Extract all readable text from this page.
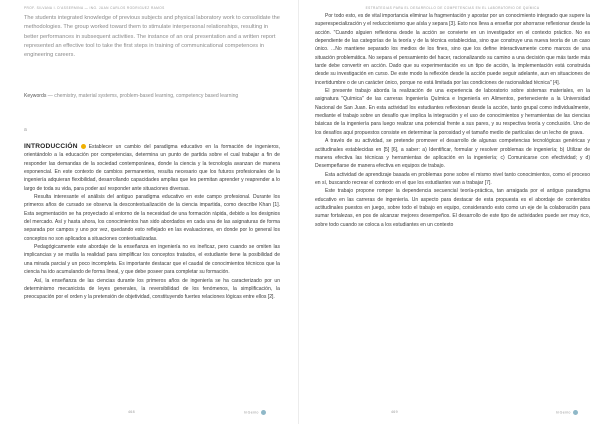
PROF. SILVANA I. D'ASSERMINA — ING. JUAN CARLOS RODRIGUEZ RAMOS
The students integrated knowledge of previous subjects and physical laboratory work to consolidate the methodologies. The group worked toward them to stimulate interpersonal relationships, resulting in better performances in subsequent activities. The instance of an oral presentation and a written report represented an effective tool to take the first steps in training of communicational competences in engineering careers.
Keywords — chemistry, material systems, problem-based learning, competency based learning
a

INTRODUCCIÓN Establecer un cambio del paradigma educativo en la formación de ingenieros, orientándolo a la educación por competencias, determina un punto de partida sobre el cual trabajar a fin de responder las demandas de la sociedad contemporánea, donde la ciencia y la tecnología avanzan de manera exponencial. En este contexto de cambios permanentes, resulta necesario que los futuros profesionales de la ingeniería adquieran flexibilidad, desarrollando capacidades amplias que les permitan aprender y reaprender a lo largo de toda su vida, para poder así responder ante situaciones diversas.

Resulta interesante el análisis del antiguo paradigma educativo en este campo profesional. Durante los primeros años de cursado se observa la descontextualización de la ciencia impartida, como describe Khan [1]. Esta segmentación se ha proyectado al entorno de la necesidad de una formación rápida, debido a los designios del mercado. Así y hasta ahora, los conocimientos han sido abordados en cada una de las asignaturas de forma separada por campos y uno por vez, quedando esto reflejado en las evaluaciones, en donde por lo general los conceptos no son aplicados a situaciones contextualizadas.

Pedagógicamente este abordaje de la enseñanza en ingeniería no es ineficaz, pero cuando se omiten las implicancias y se mutila la realidad para simplificar los conceptos tratados, el estudiante tiene la posibilidad de una mirada parcial y un poco incompleta. Es importante destacar que el caudal de conocimientos técnicos que la ciencia ha ido acumulando de forma lineal, y que debe poseer para completar su formación.

Así, la enseñanza de las ciencias durante los primeros años de ingeniería se ha caracterizado por un determinismo mecanicista de leyes generales, la reversibilidad de los fenómenos, la simplificación, la preocupación por el orden y la pretensión de objetividad, constituyendo fuertes relaciones lógicas entre ellos [2].

468	InGenio
ESTRATEGIAS PARA EL DESARROLLO DE COMPETENCIAS EN EL LABORATORIO DE QUÍMICA

Por todo esto, es de vital importancia eliminar la fragmentación y apostar por un conocimiento integrado que supere la superespecialización y el reduccionismo que aísla y separa [3]. Esto nos lleva a enseñar por ahorrarse reflexionar desde la acción. "Cuando alguien reflexiona desde la acción se convierte en un investigador en el contexto práctico. No es dependiente de las categorías de la teoría y de la técnica establecidas, sino que construye una nueva teoría de un caso único. ...No mantiene separado los medios de los fines, sino que los define interactivamente como marcos de una situación problemática. No separa el pensamiento del hacer, racionalizando su camino a una decisión que más tarde más tarde debe convertir en acción. Dado que su experimentación es un tipo de acción, la implementación está construida desde su investigación en curso. De este modo la reflexión desde la acción puede seguir adelante, aun en situaciones de incertidumbre o de un carácter único, porque no está limitada por las condiciones de racionalidad técnica" [4].

El presente trabajo aborda la realización de una experiencia de laboratorio sobre sistemas materiales, en la asignatura "Química" de las carreras Ingeniería Química e Ingeniería en Alimentos, perteneciente a la Universidad Nacional de San Juan. En esta actividad los estudiantes reflexionan desde la acción, tanto grupal como individualmente, mediante el trabajo sobre un desafío que implica la integración y el uso de conocimientos y herramientas de las ciencias básicas de la ingeniería para luego realizar una potencial frente a sus pares, y su respectiva teoría y conclusión. Uno de los desafíos aquí propuestos consiste en determinar la porosidad y el tamaño medio de partículas de un lecho de grava.

A través de su actividad, se pretende promover el desarrollo de algunas competencias tecnológicas genéricas y actitudinales establecidas en [5] [6], a saber: a) Identificar, formular y resolver problemas de ingeniería; b) Utilizar de manera efectiva las técnicas y herramientas de aplicación en la ingeniería; c) Comunicarse con efectividad; y d) Desempeñarse de manera efectiva en equipos de trabajo.

Esta actividad de aprendizaje basada en problemas pone sobre el mismo nivel tanto conocimientos, como el proceso en sí, buscando recrear el contexto en el que los estudiantes van a trabajar [7].

Este trabajo propone romper la dependencia secuencial teoría-práctica, tan arraigada por el antiguo paradigma educativo en las carreras de ingeniería. Un aspecto para destacar de esta propuesta es el abordaje de contenidos actitudinales puestos en juego, sobre todo el trabajo en equipo, considerando esto como un eje de la colaboración para sumar fortalezas, en pos de alcanzar mejores desempeños. El desarrollo de este tipo de actividades puede ser muy rico, sobre todo cuando se coloca a los estudiantes en un contexto

469	InGenio
